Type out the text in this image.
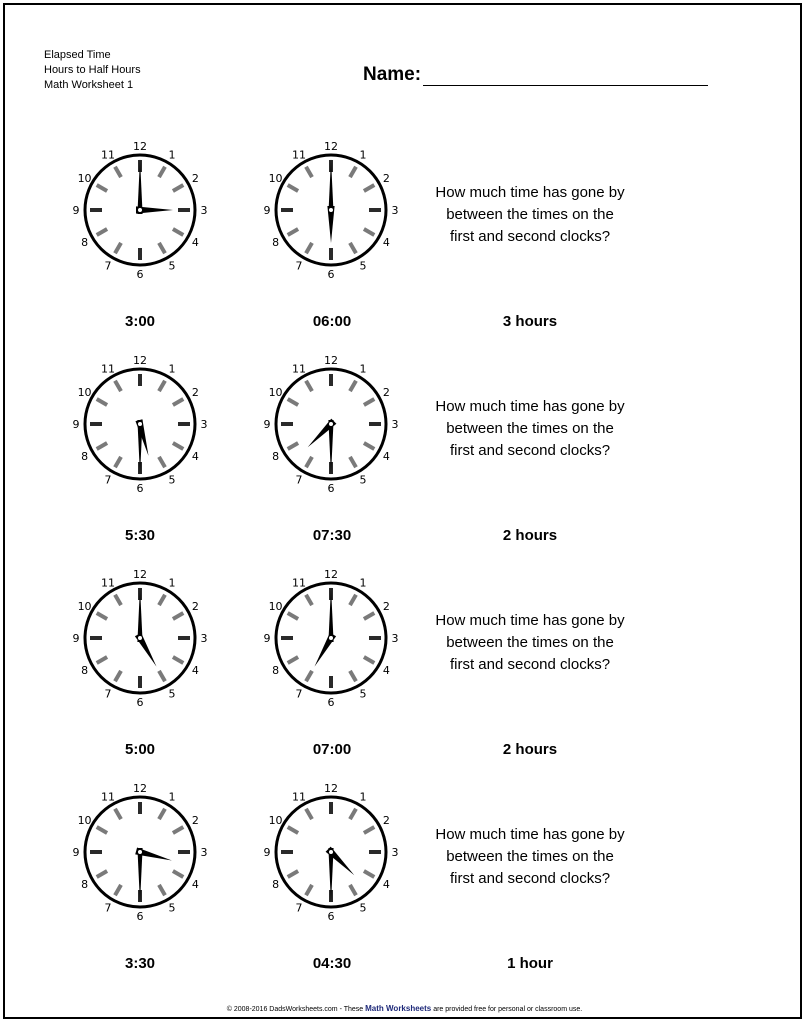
Elapsed Time
Hours to Half Hours
Math Worksheet 1	Name:
12
1
2
3
4
5
6
7
8
9
10
11
12
1
2
3
4
5
6
7
8
9
10
11
How much time has gone by
between the times on the
first and second clocks?
3:00	06:00	3 hours
12
1
2
3
4
5
6
7
8
9
10
11
12
1
2
3
4
5
6
7
8
9
10
11
How much time has gone by
between the times on the
first and second clocks?
5:30	07:30	2 hours
12
1
2
3
4
5
6
7
8
9
10
11
12
1
2
3
4
5
6
7
8
9
10
11
How much time has gone by
between the times on the
first and second clocks?
5:00	07:00	2 hours
12
1
2
3
4
5
6
7
8
9
10
11
12
1
2
3
4
5
6
7
8
9
10
11
How much time has gone by
between the times on the
first and second clocks?
3:30	04:30	1 hour
© 2008-2016 DadsWorksheets.com - These Math Worksheets are provided free for personal or classroom use.
